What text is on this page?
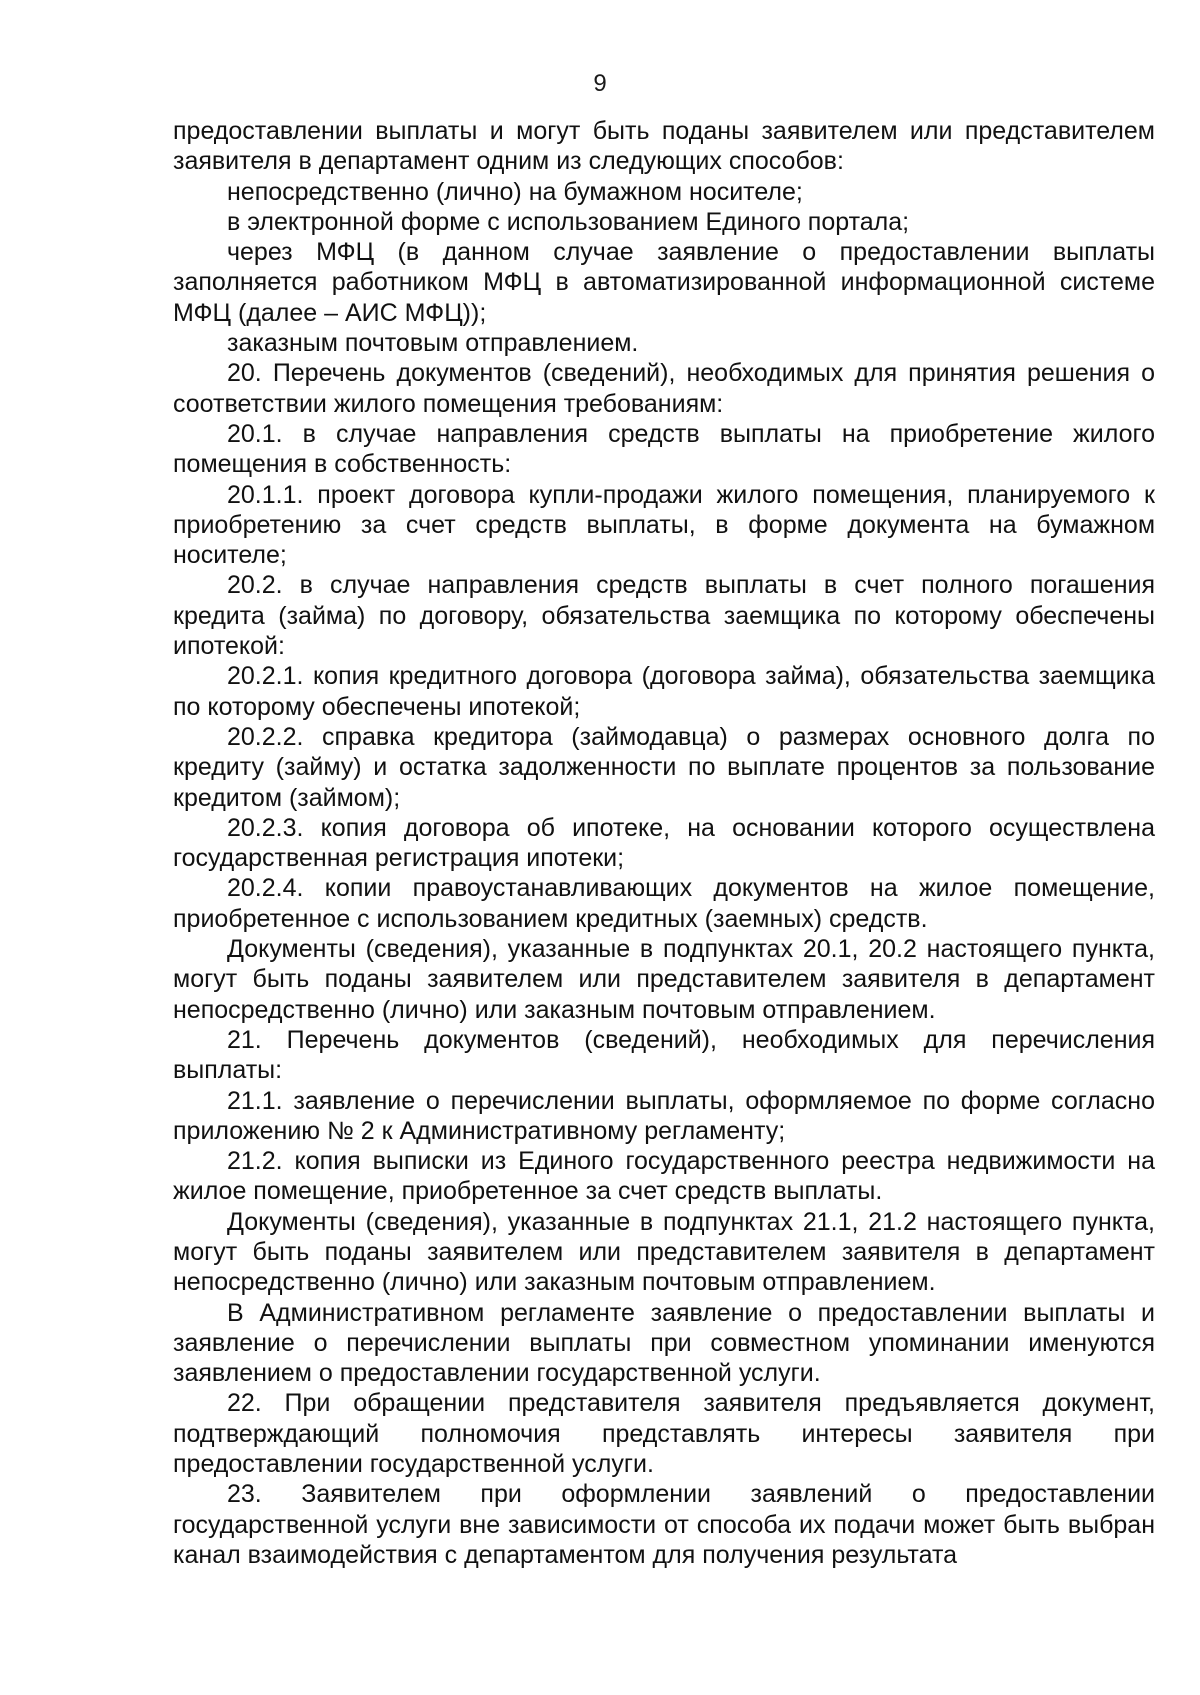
9

предоставлении выплаты и могут быть поданы заявителем или представителем заявителя в департамент одним из следующих способов:

непосредственно (лично) на бумажном носителе;

в электронной форме с использованием Единого портала;

через МФЦ (в данном случае заявление о предоставлении выплаты заполняется работником МФЦ в автоматизированной информационной системе МФЦ (далее – АИС МФЦ));

заказным почтовым отправлением.

20. Перечень документов (сведений), необходимых для принятия решения о соответствии жилого помещения требованиям:

20.1. в случае направления средств выплаты на приобретение жилого помещения в собственность:

20.1.1. проект договора купли-продажи жилого помещения, планируемого к приобретению за счет средств выплаты, в форме документа на бумажном носителе;

20.2. в случае направления средств выплаты в счет полного погашения кредита (займа) по договору, обязательства заемщика по которому обеспечены ипотекой:

20.2.1. копия кредитного договора (договора займа), обязательства заемщика по которому обеспечены ипотекой;

20.2.2. справка кредитора (займодавца) о размерах основного долга по кредиту (займу) и остатка задолженности по выплате процентов за пользование кредитом (займом);

20.2.3. копия договора об ипотеке, на основании которого осуществлена государственная регистрация ипотеки;

20.2.4. копии правоустанавливающих документов на жилое помещение, приобретенное с использованием кредитных (заемных) средств.

Документы (сведения), указанные в подпунктах 20.1, 20.2 настоящего пункта, могут быть поданы заявителем или представителем заявителя в департамент непосредственно (лично) или заказным почтовым отправлением.

21. Перечень документов (сведений), необходимых для перечисления выплаты:

21.1. заявление о перечислении выплаты, оформляемое по форме согласно приложению № 2 к Административному регламенту;

21.2. копия выписки из Единого государственного реестра недвижимости на жилое помещение, приобретенное за счет средств выплаты.

Документы (сведения), указанные в подпунктах 21.1, 21.2 настоящего пункта, могут быть поданы заявителем или представителем заявителя в департамент непосредственно (лично) или заказным почтовым отправлением.

В Административном регламенте заявление о предоставлении выплаты и заявление о перечислении выплаты при совместном упоминании именуются заявлением о предоставлении государственной услуги.

22. При обращении представителя заявителя предъявляется документ, подтверждающий полномочия представлять интересы заявителя при предоставлении государственной услуги.

23. Заявителем при оформлении заявлений о предоставлении государственной услуги вне зависимости от способа их подачи может быть выбран канал взаимодействия с департаментом для получения результата
